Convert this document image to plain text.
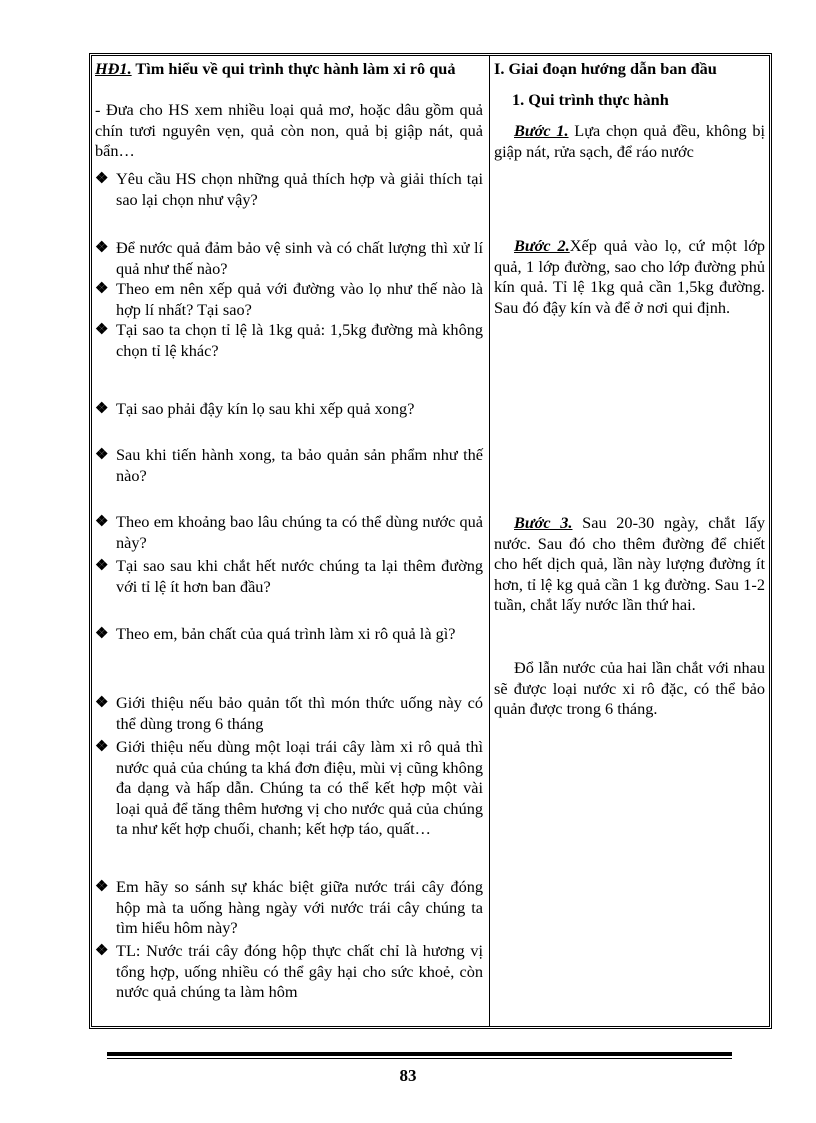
HĐ1. Tìm hiểu về qui trình thực hành làm xi rô quả

- Đưa cho HS xem nhiều loại quả mơ, hoặc dâu gồm quả chín tươi nguyên vẹn, quả còn non, quả bị giập nát, quả bẩn…

❖ Yêu cầu HS chọn những quả thích hợp và giải thích tại sao lại chọn như vậy?

❖ Để nước quả đảm bảo vệ sinh và có chất lượng thì xử lí quả như thế nào?

❖ Theo em nên xếp quả với đường vào lọ như thế nào là hợp lí nhất? Tại sao?

❖ Tại sao ta chọn tỉ lệ là 1kg quả: 1,5kg đường mà không chọn tỉ lệ khác?

❖ Tại sao phải đậy kín lọ sau khi xếp quả xong?

❖ Sau khi tiến hành xong, ta bảo quản sản phẩm như thế nào?

❖ Theo em khoảng bao lâu chúng ta có thể dùng nước quả này?

❖ Tại sao sau khi chắt hết nước chúng ta lại thêm đường với tỉ lệ ít hơn ban đầu?

❖ Theo em, bản chất của quá trình làm xi rô quả là gì?

❖ Giới thiệu nếu bảo quản tốt thì món thức uống này có thể dùng trong 6 tháng

❖ Giới thiệu nếu dùng một loại trái cây làm xi rô quả thì nước quả của chúng ta khá đơn điệu, mùi vị cũng không đa dạng và hấp dẫn. Chúng ta có thể kết hợp một vài loại quả để tăng thêm hương vị cho nước quả của chúng ta như kết hợp chuối, chanh; kết hợp táo, quất…

❖ Em hãy so sánh sự khác biệt giữa nước trái cây đóng hộp mà ta uống hàng ngày với nước trái cây chúng ta tìm hiểu hôm này?

❖ TL: Nước trái cây đóng hộp thực chất chỉ là hương vị tổng hợp, uống nhiều có thể gây hại cho sức khoẻ, còn nước quả chúng ta làm hôm

I. Giai đoạn hướng dẫn ban đầu

1. Qui trình thực hành

Bước 1. Lựa chọn quả đều, không bị giập nát, rửa sạch, để ráo nước

Bước 2.Xếp quả vào lọ, cứ một lớp quả, 1 lớp đường, sao cho lớp đường phủ kín quả. Tỉ lệ 1kg quả cần 1,5kg đường. Sau đó đậy kín và để ở nơi qui định.

Bước 3. Sau 20-30 ngày, chắt lấy nước. Sau đó cho thêm đường để chiết cho hết dịch quả, lần này lượng đường ít hơn, tỉ lệ kg quả cần 1 kg đường. Sau 1-2 tuần, chắt lấy nước lần thứ hai.

Đổ lẫn nước của hai lần chắt với nhau sẽ được loại nước xi rô đặc, có thể bảo quản được trong 6 tháng.

83
